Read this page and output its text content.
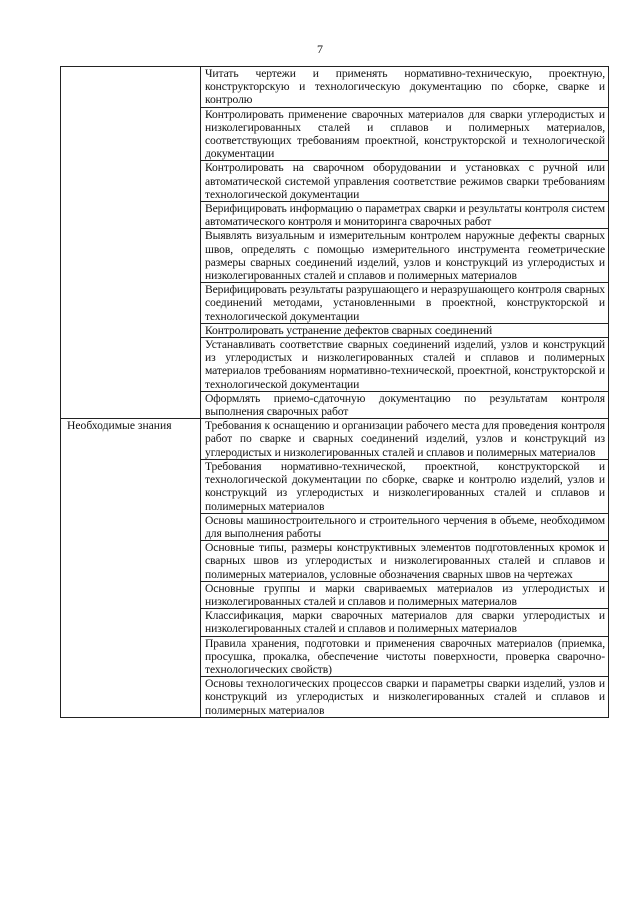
7
	Читать чертежи и применять нормативно-техническую, проектную, конструкторскую и технологическую документацию по сборке, сварке и контролю
	Контролировать применение сварочных материалов для сварки углеродистых и низколегированных сталей и сплавов и полимерных материалов, соответствующих требованиям проектной, конструкторской и технологической документации
	Контролировать на сварочном оборудовании и установках с ручной или автоматической системой управления соответствие режимов сварки требованиям технологической документации
	Верифицировать информацию о параметрах сварки и результаты контроля систем автоматического контроля и мониторинга сварочных работ
	Выявлять визуальным и измерительным контролем наружные дефекты сварных швов, определять с помощью измерительного инструмента геометрические размеры сварных соединений изделий, узлов и конструкций из углеродистых и низколегированных сталей и сплавов и полимерных материалов
	Верифицировать результаты разрушающего и неразрушающего контроля сварных соединений методами, установленными в проектной, конструкторской и технологической документации
	Контролировать устранение дефектов сварных соединений
	Устанавливать соответствие сварных соединений изделий, узлов и конструкций из углеродистых и низколегированных сталей и сплавов и полимерных материалов требованиям нормативно-технической, проектной, конструкторской и технологической документации
	Оформлять приемо-сдаточную документацию по результатам контроля выполнения сварочных работ
Необходимые знания	Требования к оснащению и организации рабочего места для проведения контроля работ по сварке и сварных соединений изделий, узлов и конструкций из углеродистых и низколегированных сталей и сплавов и полимерных материалов
	Требования нормативно-технической, проектной, конструкторской и технологической документации по сборке, сварке и контролю изделий, узлов и конструкций из углеродистых и низколегированных сталей и сплавов и полимерных материалов
	Основы машиностроительного и строительного черчения в объеме, необходимом для выполнения работы
	Основные типы, размеры конструктивных элементов подготовленных кромок и сварных швов из углеродистых и низколегированных сталей и сплавов и полимерных материалов, условные обозначения сварных швов на чертежах
	Основные группы и марки свариваемых материалов из углеродистых и низколегированных сталей и сплавов и полимерных материалов
	Классификация, марки сварочных материалов для сварки углеродистых и низколегированных сталей и сплавов и полимерных материалов
	Правила хранения, подготовки и применения сварочных материалов (приемка, просушка, прокалка, обеспечение чистоты поверхности, проверка сварочно-технологических свойств)
	Основы технологических процессов сварки и параметры сварки изделий, узлов и конструкций из углеродистых и низколегированных сталей и сплавов и полимерных материалов
